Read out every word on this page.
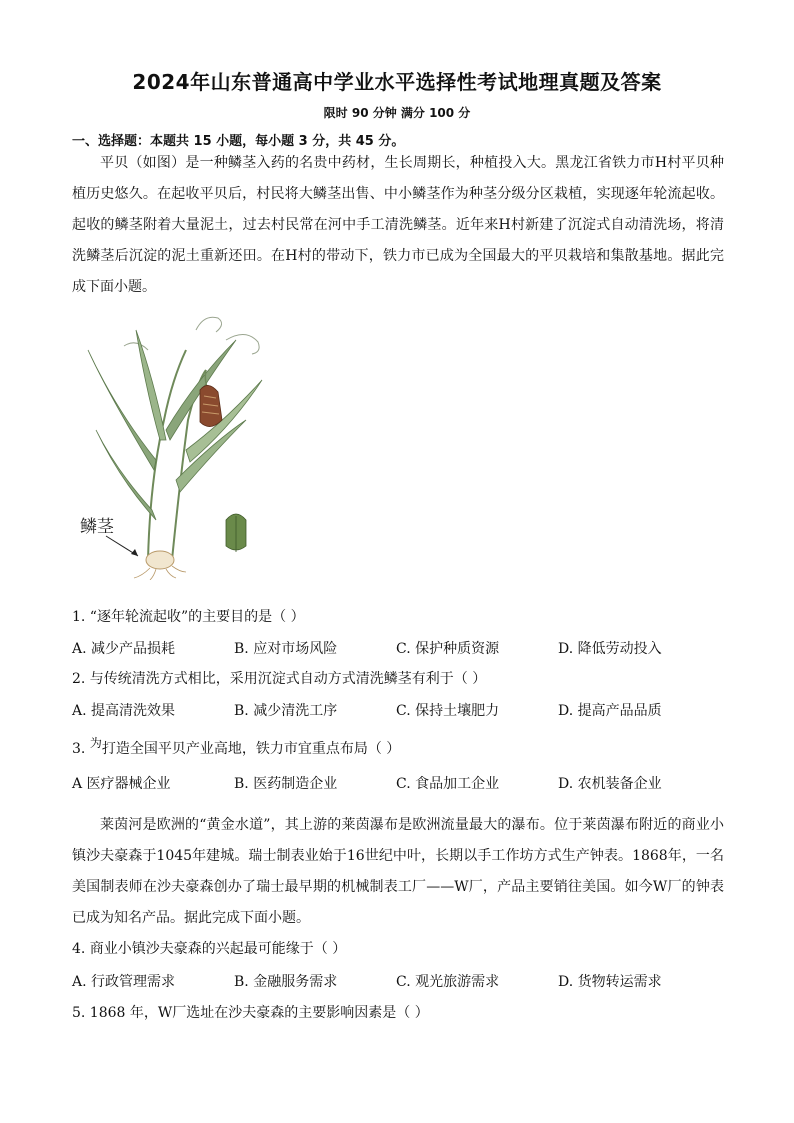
2024年山东普通高中学业水平选择性考试地理真题及答案
限时 90 分钟 满分 100 分
一、选择题：本题共 15 小题，每小题 3 分，共 45 分。

平贝（如图）是一种鳞茎入药的名贵中药材，生长周期长，种植投入大。黑龙江省铁力市H村平贝种植历史悠久。在起收平贝后，村民将大鳞茎出售、中小鳞茎作为种茎分级分区栽植，实现逐年轮流起收。起收的鳞茎附着大量泥土，过去村民常在河中手工清洗鳞茎。近年来H村新建了沉淀式自动清洗场，将清洗鳞茎后沉淀的泥土重新还田。在H村的带动下，铁力市已成为全国最大的平贝栽培和集散基地。据此完成下面小题。

鳞茎
1. “逐年轮流起收”的主要目的是（ ）
A. 减少产品损耗	B. 应对市场风险	C. 保护种质资源	D. 降低劳动投入
2. 与传统清洗方式相比，采用沉淀式自动方式清洗鳞茎有利于（ ）
A. 提高清洗效果	B. 减少清洗工序	C. 保持土壤肥力	D. 提高产品品质
3. 为打造全国平贝产业高地，铁力市宜重点布局（ ）
A 医疗器械企业	B. 医药制造企业	C. 食品加工企业	D. 农机装备企业

莱茵河是欧洲的“黄金水道”，其上游的莱茵瀑布是欧洲流量最大的瀑布。位于莱茵瀑布附近的商业小镇沙夫豪森于1045年建城。瑞士制表业始于16世纪中叶，长期以手工作坊方式生产钟表。1868年，一名美国制表师在沙夫豪森创办了瑞士最早期的机械制表工厂——W厂，产品主要销往美国。如今W厂的钟表已成为知名产品。据此完成下面小题。

4. 商业小镇沙夫豪森的兴起最可能缘于（ ）
A. 行政管理需求	B. 金融服务需求	C. 观光旅游需求	D. 货物转运需求
5. 1868 年，W厂选址在沙夫豪森的主要影响因素是（ ）
